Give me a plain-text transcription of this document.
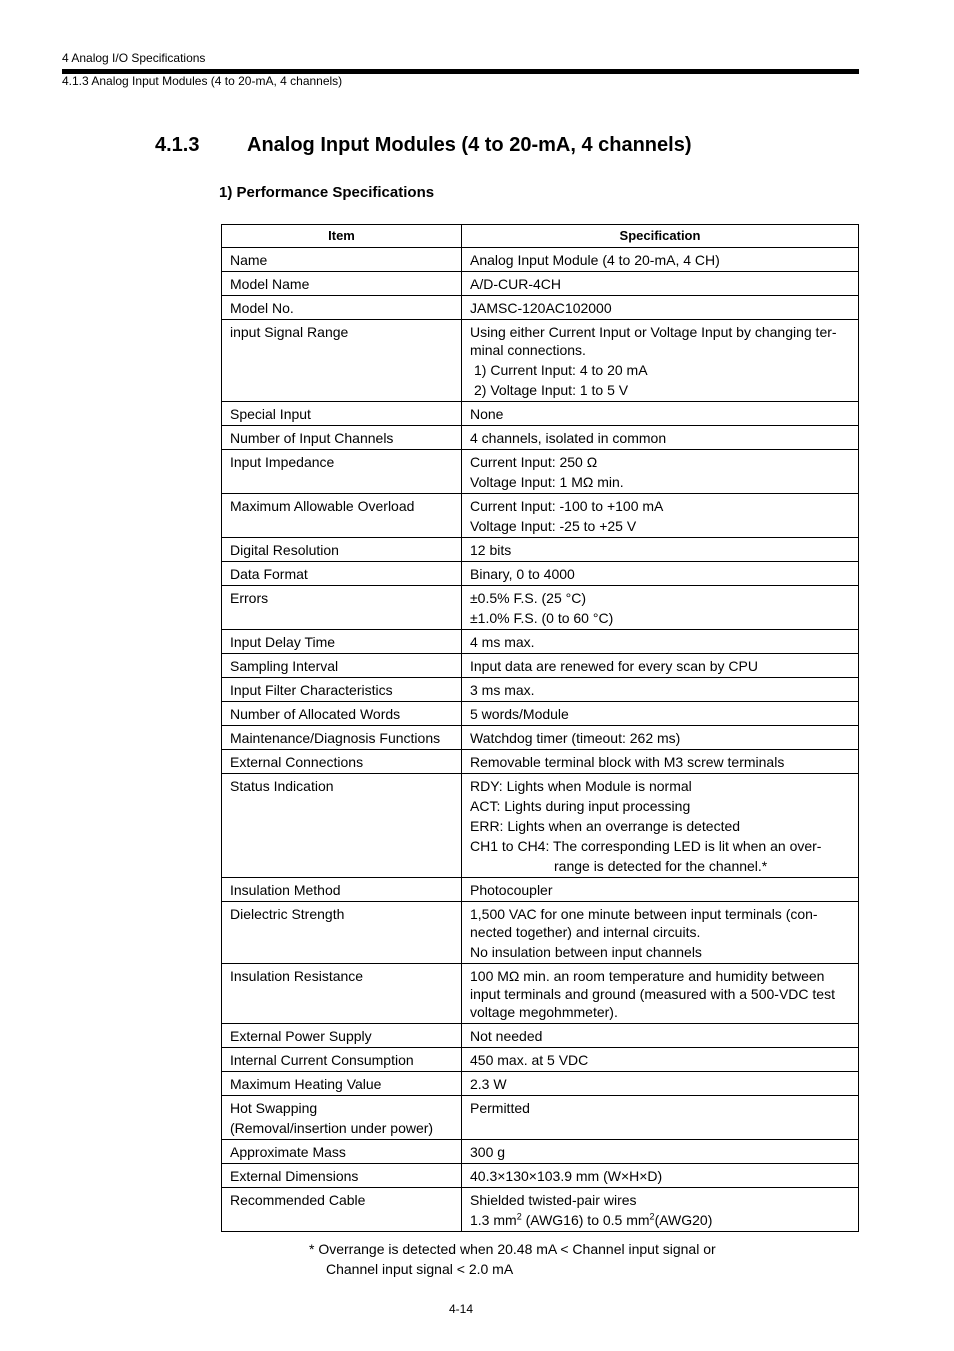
4 Analog I/O Specifications
4.1.3 Analog Input Modules (4 to 20-mA, 4 channels)
4.1.3 Analog Input Modules (4 to 20-mA, 4 channels)
1) Performance Specifications
Item	Specification

Name	Analog Input Module (4 to 20-mA, 4 CH)

Model Name	A/D-CUR-4CH

Model No.	JAMSC-120AC102000

input Signal Range	Using either Current Input or Voltage Input by changing ter-minal connections.
1) Current Input: 4 to 20 mA
2) Voltage Input: 1 to 5 V

Special Input	None

Number of Input Channels	4 channels, isolated in common

Input Impedance	Current Input: 250 Ω
Voltage Input: 1 MΩ min.

Maximum Allowable Overload	Current Input: -100 to +100 mA
Voltage Input: -25 to +25 V

Digital Resolution	12 bits

Data Format	Binary, 0 to 4000

Errors	±0.5% F.S. (25 °C)
±1.0% F.S. (0 to 60 °C)

Input Delay Time	4 ms max.

Sampling Interval	Input data are renewed for every scan by CPU

Input Filter Characteristics	3 ms max.

Number of Allocated Words	5 words/Module

Maintenance/Diagnosis Functions	Watchdog timer (timeout: 262 ms)

External Connections	Removable terminal block with M3 screw terminals

Status Indication	RDY: Lights when Module is normal
ACT: Lights during input processing
ERR: Lights when an overrange is detected
CH1 to CH4: The corresponding LED is lit when an over-
range is detected for the channel.*

Insulation Method	Photocoupler

Dielectric Strength	1,500 VAC for one minute between input terminals (con-nected together) and internal circuits.
No insulation between input channels

Insulation Resistance	100 MΩ min. an room temperature and humidity between input terminals and ground (measured with a 500-VDC test voltage megohmmeter).

External Power Supply	Not needed

Internal Current Consumption	450 max. at 5 VDC

Maximum Heating Value	2.3 W

Hot Swapping
(Removal/insertion under power)	Permitted

Approximate Mass	300 g

External Dimensions	40.3×130×103.9 mm (W×H×D)

Recommended Cable	Shielded twisted-pair wires
1.3 $mm^2$ (AWG16) to 0.5 $mm^2(AWG20)$
* Overrange is detected when 20.48 mA < Channel input signal or
Channel input signal < 2.0 mA
4-14
